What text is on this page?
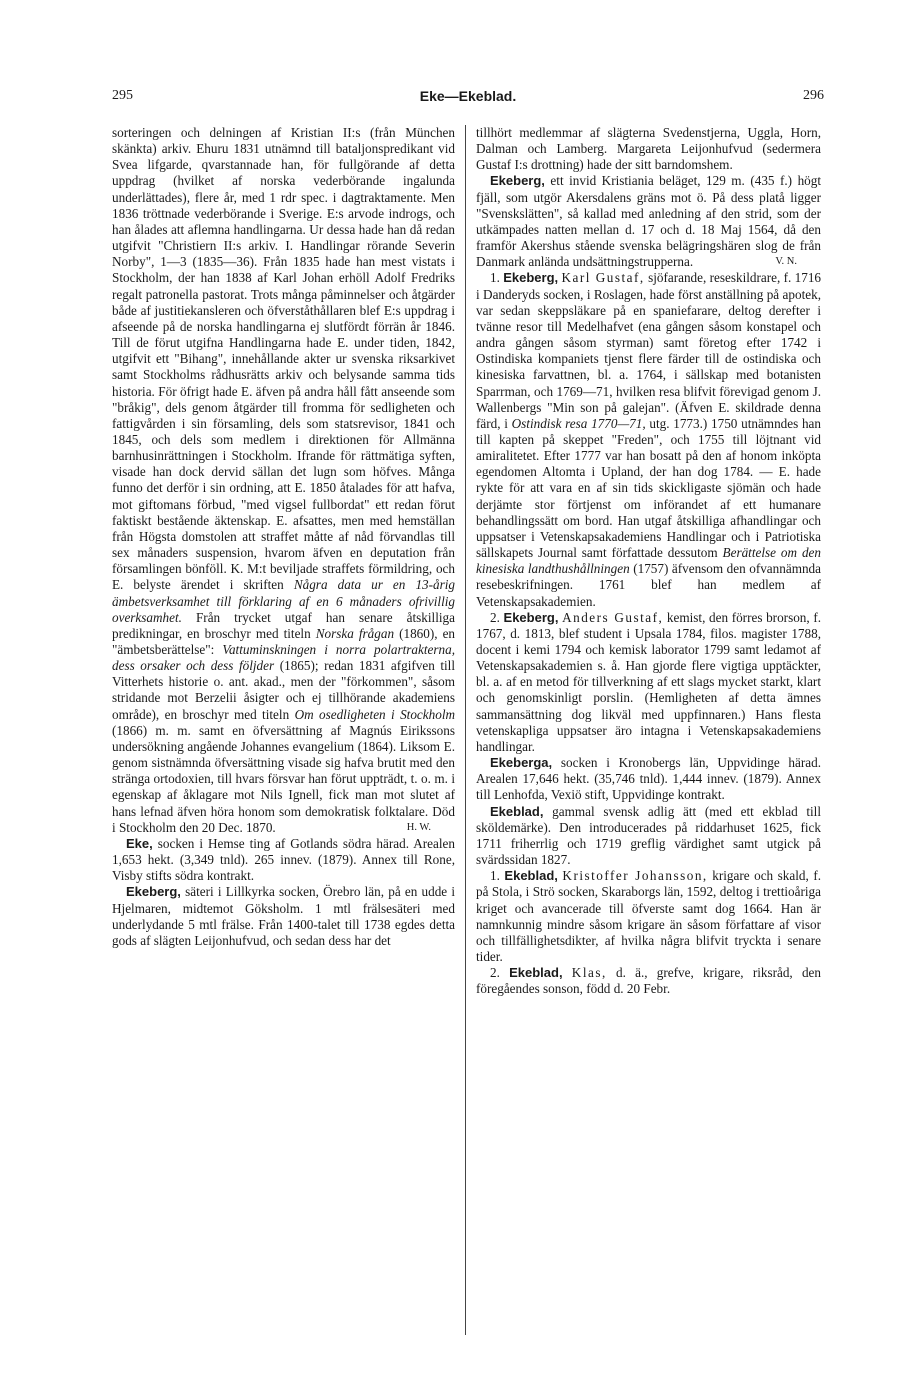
295	Eke—Ekeblad.	296

sorteringen och delningen af Kristian II:s (från München skänkta) arkiv. Ehuru 1831 utnämnd till bataljonspredikant vid Svea lifgarde, qvarstannade han, för fullgörande af detta uppdrag (hvilket af norska vederbörande ingalunda underlättades), flere år, med 1 rdr spec. i dagtraktamente. Men 1836 tröttnade vederbörande i Sverige. E:s arvode indrogs, och han ålades att aflemna handlingarna. Ur dessa hade han då redan utgifvit "Christiern II:s arkiv. I. Handlingar rörande Severin Norby", 1—3 (1835—36). Från 1835 hade han mest vistats i Stockholm, der han 1838 af Karl Johan erhöll Adolf Fredriks regalt patronella pastorat. Trots många påminnelser och åtgärder både af justitiekansleren och öfverståthållaren blef E:s uppdrag i afseende på de norska handlingarna ej slutfördt förrän år 1846. Till de förut utgifna Handlingarna hade E. under tiden, 1842, utgifvit ett "Bihang", innehållande akter ur svenska riksarkivet samt Stockholms rådhusrätts arkiv och belysande samma tids historia. För öfrigt hade E. äfven på andra håll fått anseende som "bråkig", dels genom åtgärder till fromma för sedligheten och fattigvården i sin församling, dels som statsrevisor, 1841 och 1845, och dels som medlem i direktionen för Allmänna barnhusinrättningen i Stockholm. Ifrande för rättmätiga syften, visade han dock dervid sällan det lugn som höfves. Många funno det derför i sin ordning, att E. 1850 åtalades för att hafva, mot giftomans förbud, "med vigsel fullbordat" ett redan förut faktiskt bestående äktenskap. E. afsattes, men med hemställan från Högsta domstolen att straffet måtte af nåd förvandlas till sex månaders suspension, hvarom äfven en deputation från församlingen bönföll. K. M:t beviljade straffets förmildring, och E. belyste ärendet i skriften Några data ur en 13-årig ämbetsverksamhet till förklaring af en 6 månaders ofrivillig overksamhet. Från trycket utgaf han senare åtskilliga predikningar, en broschyr med titeln Norska frågan (1860), en "ämbetsberättelse": Vattuminskningen i norra polartrakterna, dess orsaker och dess följder (1865); redan 1831 afgifven till Vitterhets historie o. ant. akad., men der "förkommen", såsom stridande mot Berzelii åsigter och ej tillhörande akademiens område), en broschyr med titeln Om osedligheten i Stockholm (1866) m. m. samt en öfversättning af Magnús Eirikssons undersökning angående Johannes evangelium (1864). Liksom E. genom sistnämnda öfversättning visade sig hafva brutit med den stränga ortodoxien, till hvars försvar han förut uppträdt, t. o. m. i egenskap af åklagare mot Nils Ignell, fick man mot slutet af hans lefnad äfven höra honom som demokratisk folktalare. Död i Stockholm den 20 Dec. 1870.	H. W.

Eke, socken i Hemse ting af Gotlands södra härad. Arealen 1,653 hekt. (3,349 tnld). 265 innev. (1879). Annex till Rone, Visby stifts södra kontrakt.

Ekeberg, säteri i Lillkyrka socken, Örebro län, på en udde i Hjelmaren, midtemot Göksholm. 1 mtl frälsesäteri med underlydande 5 mtl frälse. Från 1400-talet till 1738 egdes detta gods af slägten Leijonhufvud, och sedan dess har det

tillhört medlemmar af slägterna Svedenstjerna, Uggla, Horn, Dalman och Lamberg. Margareta Leijonhufvud (sedermera Gustaf I:s drottning) hade der sitt barndomshem.

Ekeberg, ett invid Kristiania beläget, 129 m. (435 f.) högt fjäll, som utgör Akersdalens gräns mot ö. På dess platå ligger "Svenskslätten", så kallad med anledning af den strid, som der utkämpades natten mellan d. 17 och d. 18 Maj 1564, då den framför Akershus stående svenska belägringshären slog de från Danmark anlända undsättningstrupperna.	V. N.

1. Ekeberg, Karl Gustaf, sjöfarande, reseskildrare, f. 1716 i Danderyds socken, i Roslagen, hade först anställning på apotek, var sedan skeppsläkare på en spaniefarare, deltog derefter i tvänne resor till Medelhafvet (ena gången såsom konstapel och andra gången såsom styrman) samt företog efter 1742 i Ostindiska kompaniets tjenst flere färder till de ostindiska och kinesiska farvattnen, bl. a. 1764, i sällskap med botanisten Sparrman, och 1769—71, hvilken resa blifvit förevigad genom J. Wallenbergs "Min son på galejan". (Äfven E. skildrade denna färd, i Ostindisk resa 1770—71, utg. 1773.) 1750 utnämndes han till kapten på skeppet "Freden", och 1755 till löjtnant vid amiralitetet. Efter 1777 var han bosatt på den af honom inköpta egendomen Altomta i Upland, der han dog 1784. — E. hade rykte för att vara en af sin tids skickligaste sjömän och hade derjämte stor förtjenst om införandet af ett humanare behandlingssätt om bord. Han utgaf åtskilliga afhandlingar och uppsatser i Vetenskapsakademiens Handlingar och i Patriotiska sällskapets Journal samt författade dessutom Berättelse om den kinesiska landthushållningen (1757) äfvensom den ofvannämnda resebeskrifningen. 1761 blef han medlem af Vetenskapsakademien.

2. Ekeberg, Anders Gustaf, kemist, den förres brorson, f. 1767, d. 1813, blef student i Upsala 1784, filos. magister 1788, docent i kemi 1794 och kemisk laborator 1799 samt ledamot af Vetenskapsakademien s. å. Han gjorde flere vigtiga upptäckter, bl. a. af en metod för tillverkning af ett slags mycket starkt, klart och genomskinligt porslin. (Hemligheten af detta ämnes sammansättning dog likväl med uppfinnaren.) Hans flesta vetenskapliga uppsatser äro intagna i Vetenskapsakademiens handlingar.

Ekeberga, socken i Kronobergs län, Uppvidinge härad. Arealen 17,646 hekt. (35,746 tnld). 1,444 innev. (1879). Annex till Lenhofda, Vexiö stift, Uppvidinge kontrakt.

Ekeblad, gammal svensk adlig ätt (med ett ekblad till sköldemärke). Den introducerades på riddarhuset 1625, fick 1711 friherrlig och 1719 greflig värdighet samt utgick på svärdssidan 1827.

1. Ekeblad, Kristoffer Johansson, krigare och skald, f. på Stola, i Strö socken, Skaraborgs län, 1592, deltog i trettioåriga kriget och avancerade till öfverste samt dog 1664. Han är namnkunnig mindre såsom krigare än såsom författare af visor och tillfällighetsdikter, af hvilka några blifvit tryckta i senare tider.

2. Ekeblad, Klas, d. ä., grefve, krigare, riksråd, den föregåendes sonson, född d. 20 Febr.
